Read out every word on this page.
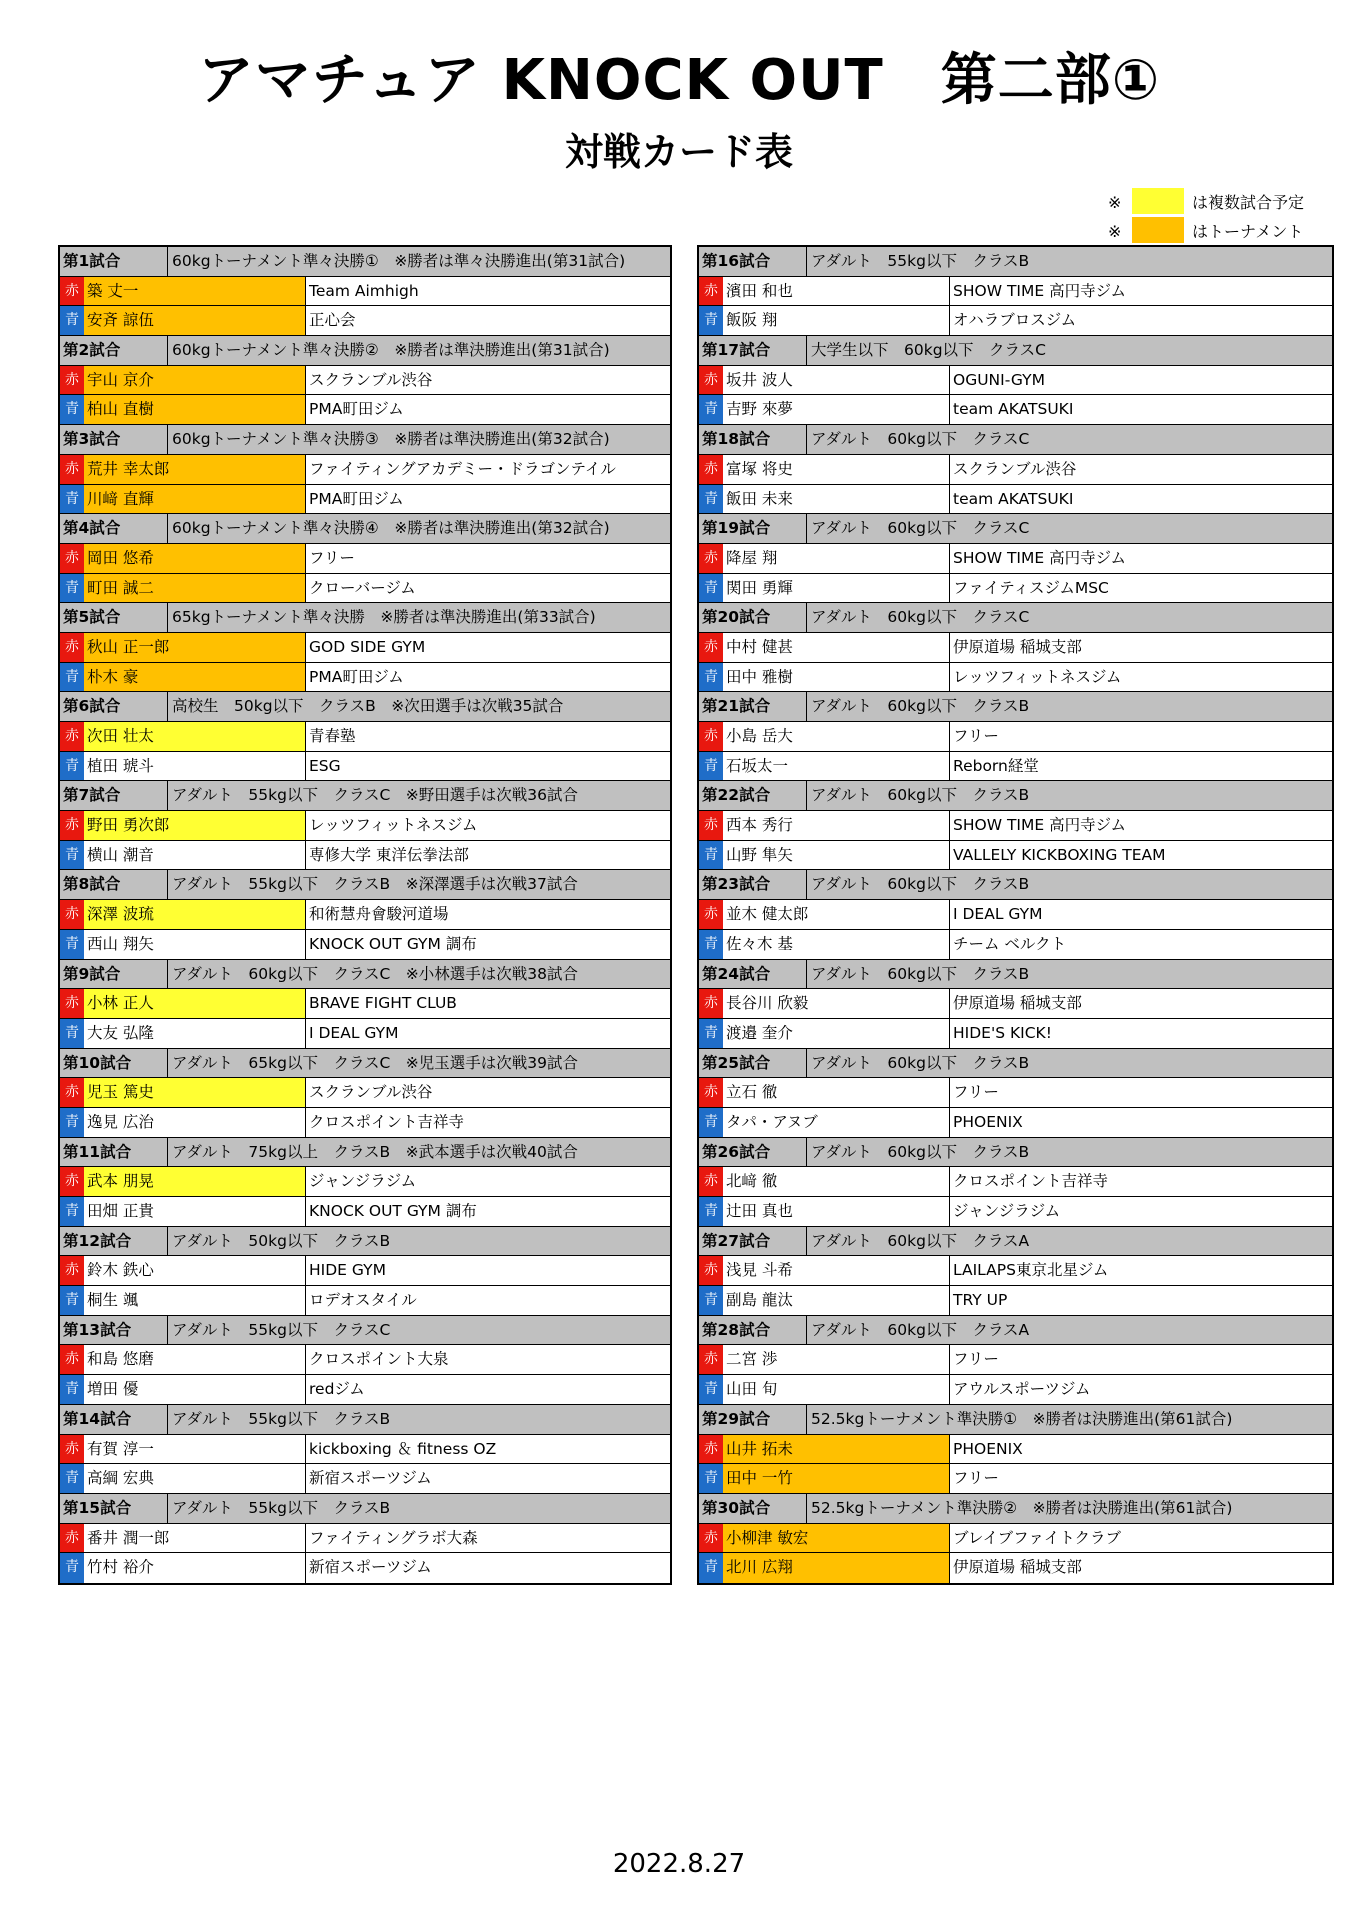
アマチュア KNOCK OUT　第二部①
対戦カード表
※	は複数試合予定
※	はトーナメント
第1試合	60kgトーナメント準々決勝①　※勝者は準々決勝進出(第31試合)
赤 築 丈一	Team Aimhigh
青 安斉 諒伍	正心会
第2試合	60kgトーナメント準々決勝②　※勝者は準決勝進出(第31試合)
赤 宇山 京介	スクランブル渋谷
青 柏山 直樹	PMA町田ジム
第3試合	60kgトーナメント準々決勝③　※勝者は準決勝進出(第32試合)
赤 荒井 幸太郎	ファイティングアカデミー・ドラゴンテイル
青 川﨑 直輝	PMA町田ジム
第4試合	60kgトーナメント準々決勝④　※勝者は準決勝進出(第32試合)
赤 岡田 悠希	フリー
青 町田 誠二	クローバージム
第5試合	65kgトーナメント準々決勝　※勝者は準決勝進出(第33試合)
赤 秋山 正一郎	GOD SIDE GYM
青 朴木 豪	PMA町田ジム
第6試合	高校生　50kg以下　クラスB　※次田選手は次戦35試合
赤 次田 壮太	青春塾
青 植田 琥斗	ESG
第7試合	アダルト　55kg以下　クラスC　※野田選手は次戦36試合
赤 野田 勇次郎	レッツフィットネスジム
青 横山 潮音	専修大学 東洋伝拳法部
第8試合	アダルト　55kg以下　クラスB　※深澤選手は次戦37試合
赤 深澤 波琉	和術慧舟會駿河道場
青 西山 翔矢	KNOCK OUT GYM 調布
第9試合	アダルト　60kg以下　クラスC　※小林選手は次戦38試合
赤 小林 正人	BRAVE FIGHT CLUB
青 大友 弘隆	I DEAL GYM
第10試合	アダルト　65kg以下　クラスC　※児玉選手は次戦39試合
赤 児玉 篤史	スクランブル渋谷
青 逸見 広治	クロスポイント吉祥寺
第11試合	アダルト　75kg以上　クラスB　※武本選手は次戦40試合
赤 武本 朋晃	ジャンジラジム
青 田畑 正貴	KNOCK OUT GYM 調布
第12試合	アダルト　50kg以下　クラスB
赤 鈴木 鉄心	HIDE GYM
青 桐生 颯	ロデオスタイル
第13試合	アダルト　55kg以下　クラスC
赤 和島 悠磨	クロスポイント大泉
青 増田 優	redジム
第14試合	アダルト　55kg以下　クラスB
赤 有賀 淳一	kickboxing ＆ fitness OZ
青 高綱 宏典	新宿スポーツジム
第15試合	アダルト　55kg以下　クラスB
赤 番井 潤一郎	ファイティングラボ大森
青 竹村 裕介	新宿スポーツジム
第16試合	アダルト　55kg以下　クラスB
赤 濱田 和也	SHOW TIME 高円寺ジム
青 飯阪 翔	オハラブロスジム
第17試合	大学生以下　60kg以下　クラスC
赤 坂井 波人	OGUNI-GYM
青 吉野 來夢	team AKATSUKI
第18試合	アダルト　60kg以下　クラスC
赤 富塚 将史	スクランブル渋谷
青 飯田 未来	team AKATSUKI
第19試合	アダルト　60kg以下　クラスC
赤 降屋 翔	SHOW TIME 高円寺ジム
青 関田 勇輝	ファイティスジムMSC
第20試合	アダルト　60kg以下　クラスC
赤 中村 健甚	伊原道場 稲城支部
青 田中 雅樹	レッツフィットネスジム
第21試合	アダルト　60kg以下　クラスB
赤 小島 岳大	フリー
青 石坂太一	Reborn経堂
第22試合	アダルト　60kg以下　クラスB
赤 西本 秀行	SHOW TIME 高円寺ジム
青 山野 隼矢	VALLELY KICKBOXING TEAM
第23試合	アダルト　60kg以下　クラスB
赤 並木 健太郎	I DEAL GYM
青 佐々木 基	チーム ベルクト
第24試合	アダルト　60kg以下　クラスB
赤 長谷川 欣毅	伊原道場 稲城支部
青 渡邉 奎介	HIDE'S KICK!
第25試合	アダルト　60kg以下　クラスB
赤 立石 徹	フリー
青 タパ・アヌブ	PHOENIX
第26試合	アダルト　60kg以下　クラスB
赤 北﨑 徹	クロスポイント吉祥寺
青 辻田 真也	ジャンジラジム
第27試合	アダルト　60kg以下　クラスA
赤 浅見 斗希	LAILAPS東京北星ジム
青 副島 龍汰	TRY UP
第28試合	アダルト　60kg以下　クラスA
赤 二宮 渉	フリー
青 山田 旬	アウルスポーツジム
第29試合	52.5kgトーナメント準決勝①　※勝者は決勝進出(第61試合)
赤 山井 拓未	PHOENIX
青 田中 一竹	フリー
第30試合	52.5kgトーナメント準決勝②　※勝者は決勝進出(第61試合)
赤 小柳津 敏宏	ブレイブファイトクラブ
青 北川 広翔	伊原道場 稲城支部
2022.8.27
